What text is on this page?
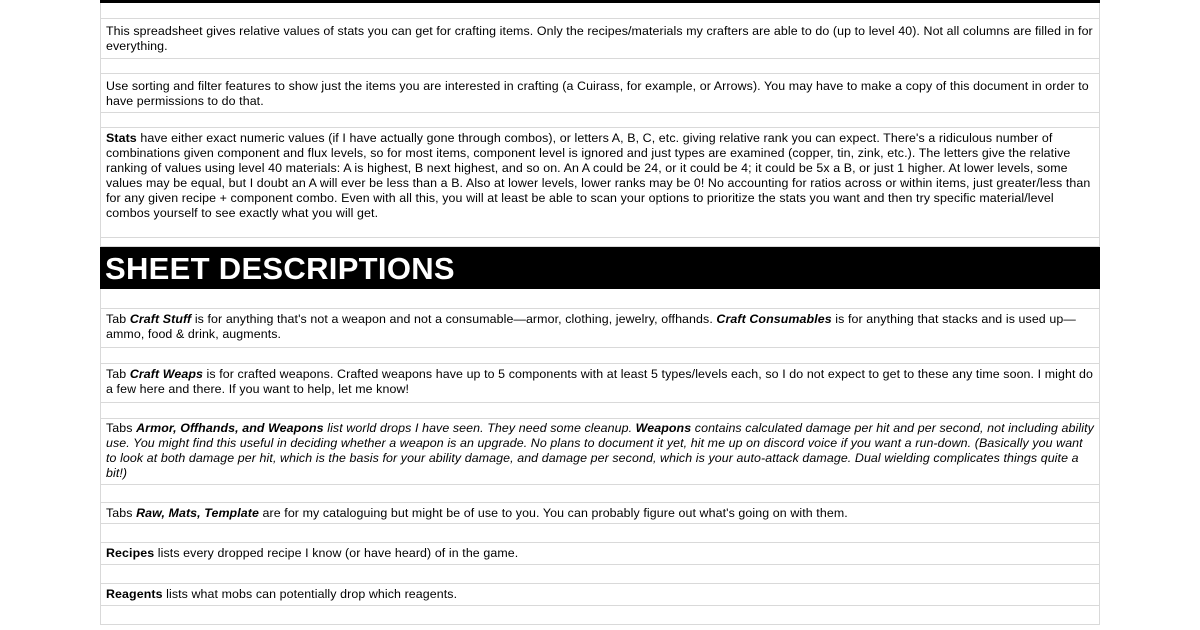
This spreadsheet gives relative values of stats you can get for crafting items. Only the recipes/materials my crafters are able to do (up to level 40). Not all columns are filled in for everything.
Use sorting and filter features to show just the items you are interested in crafting (a Cuirass, for example, or Arrows). You may have to make a copy of this document in order to have permissions to do that.
Stats have either exact numeric values (if I have actually gone through combos), or letters A, B, C, etc. giving relative rank you can expect. There's a ridiculous number of combinations given component and flux levels, so for most items, component level is ignored and just types are examined (copper, tin, zink, etc.). The letters give the relative ranking of values using level 40 materials: A is highest, B next highest, and so on. An A could be 24, or it could be 4; it could be 5x a B, or just 1 higher. At lower levels, some values may be equal, but I doubt an A will ever be less than a B. Also at lower levels, lower ranks may be 0! No accounting for ratios across or within items, just greater/less than for any given recipe + component combo. Even with all this, you will at least be able to scan your options to prioritize the stats you want and then try specific material/level combos yourself to see exactly what you will get.
SHEET DESCRIPTIONS
Tab Craft Stuff is for anything that's not a weapon and not a consumable—armor, clothing, jewelry, offhands. Craft Consumables is for anything that stacks and is used up—ammo, food & drink, augments.
Tab Craft Weaps is for crafted weapons. Crafted weapons have up to 5 components with at least 5 types/levels each, so I do not expect to get to these any time soon. I might do a few here and there. If you want to help, let me know!
Tabs Armor, Offhands, and Weapons list world drops I have seen. They need some cleanup. Weapons contains calculated damage per hit and per second, not including ability use. You might find this useful in deciding whether a weapon is an upgrade. No plans to document it yet, hit me up on discord voice if you want a run-down. (Basically you want to look at both damage per hit, which is the basis for your ability damage, and damage per second, which is your auto-attack damage. Dual wielding complicates things quite a bit!)
Tabs Raw, Mats, Template are for my cataloguing but might be of use to you. You can probably figure out what's going on with them.
Recipes lists every dropped recipe I know (or have heard) of in the game.
Reagents lists what mobs can potentially drop which reagents.
